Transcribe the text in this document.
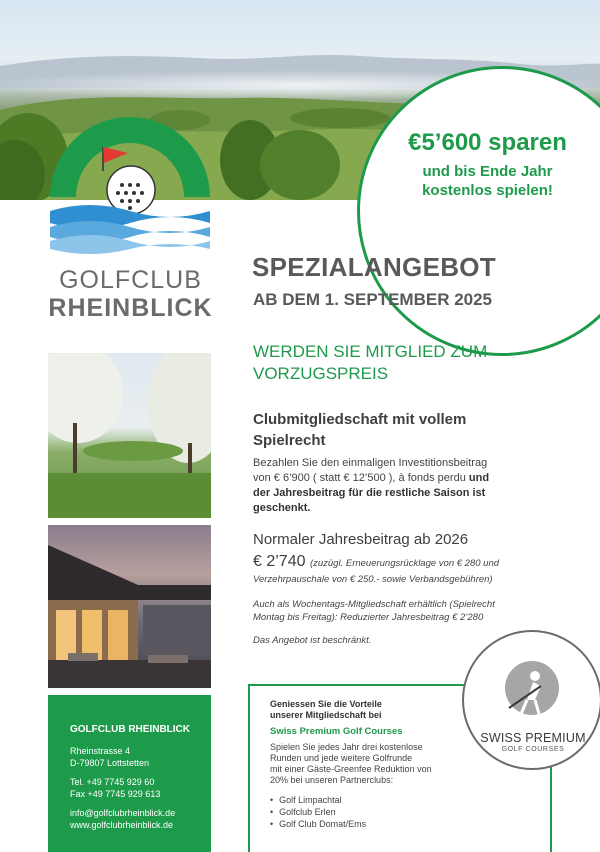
€5’600 sparen
und bis Ende Jahr
kostenlos spielen!
GOLFCLUB
RHEINBLICK
GOLFCLUB RHEINBLICK
Rheinstrasse 4
D-79807 Lottstetten
Tel. +49 7745 929 60
Fax +49 7745 929 613
info@golfclubrheinblick.de
www.golfclubrheinblick.de
SPEZIALANGEBOT
AB DEM 1. SEPTEMBER 2025
WERDEN SIE MITGLIED ZUM
VORZUGSPREIS
Clubmitgliedschaft mit vollem
Spielrecht
Bezahlen Sie den einmaligen Investitionsbeitrag
von € 6’900 ( statt € 12’500 ), à fonds perdu und
der Jahresbeitrag für die restliche Saison ist
geschenkt.
Normaler Jahresbeitrag ab 2026
€ 2’740 (zuzügl. Erneuerungsrücklage von € 280 und
Verzehrpauschale von € 250.- sowie Verbandsgebühren)
Auch als Wochentags-Mitgliedschaft erhältlich (Spielrecht
Montag bis Freitag): Reduzierter Jahresbeitrag € 2’280
Das Angebot ist beschränkt.
Geniessen Sie die Vorteile
unserer Mitgliedschaft bei
Swiss Premium Golf Courses
Spielen Sie jedes Jahr drei kostenlose
Runden und jede weitere Golfrunde
mit einer Gäste-Greenfee Reduktion von
20% bei unseren Partnerclubs:
• Golf Limpachtal
• Golfclub Erlen
• Golf Club Domat/Ems
SWISS PREMIUM
GOLF COURSES
